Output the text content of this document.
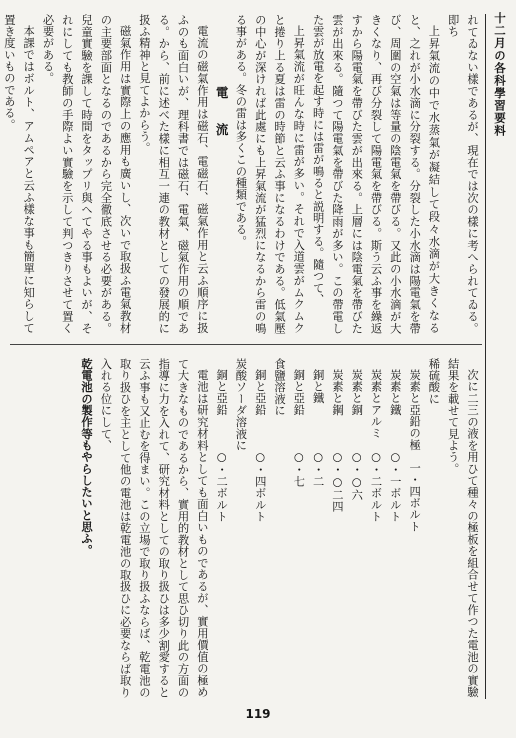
十二月の各科學習要料

れてゐない樣であるが、現在では次の樣に考へられてゐる。即ち

上昇氣流の中で水蒸氣が凝結して段々水滴が大きくなると、之れが小水滴に分裂する。分裂した小水滴は陽電氣を帶び、周圍の空氣は等量の陰電氣を帶びる。又此の小水滴が大きくなり、再び分裂して陽電氣を帶びる。斯う云ふ事を繰返すから陽電氣を帶びた雲が出來る。上層には陰電氣を帶びた雲が出來る。隨つて陽電氣を帶びた降雨が多い。この帶電した雲が放電を起す時には雷が鳴ると説明する。隨つて、

上昇氣流が旺んな時に雷が多い。それで入道雲がムクムクと捲り上る夏は雷の時節と云ふ事になるわけである。低氣壓の中心が深ければ此處にも上昇氣流が猛烈になるから雷の鳴る事がある。冬の雷は多くこの種類である。

電　流

電流の磁氣作用は磁石、電磁石、磁氣作用と云ふ順序に扱ふのも面白いが、理科書では磁石、電氣、磁氣作用の順である。から、前に述べた樣に相互一連の教材としての發展的に扱ふ精神と見てよからう。

磁氣作用は實際上の應用も廣いし、次いで取扱ふ電氣教材の主要部面となるのであるから完全徹底させる必要がある。兒童實驗を課して時間をタップリ與へてやる事もよいが、それにしても教師の手際よい實驗を示して判つきりさせて置く必要がある。

本課ではボルト、アムペアと云ふ樣な事も簡單に知らして置き度いものである。

次に二三の液を用ひて種々の極板を組合せて作つた電池の實驗結果を載せて見よう。

稀硫酸に

炭素と亞鉛の極　一・四ボルト

炭素と鐵　　　○・一ボルト

炭素とアルミ　○・二ボルト

炭素と銅　　　○・○六

炭素と鋼　　　○・○二四

銅と鐵　　　　○・二

銅と亞鉛　　　○・七

食鹽溶液に

銅と亞鉛　　　○・四ボルト

炭酸ソーダ溶液に

銅と亞鉛　　　○・二ボルト

電池は研究材料としても面白いものであるが、實用價值の極めて大きなものであるから、實用的教材として思ひ切り此の方面の指導に力を入れて、研究材料としての取り扱ひは多少割愛すると云ふ事も又止むを得まい。この立場で取り扱ふならば、乾電池の取り扱ひを主として他の電池は乾電池の取扱ひに必要ならば取り入れる位にして、

乾電池の製作等もやらしたいと思ふ。

119
